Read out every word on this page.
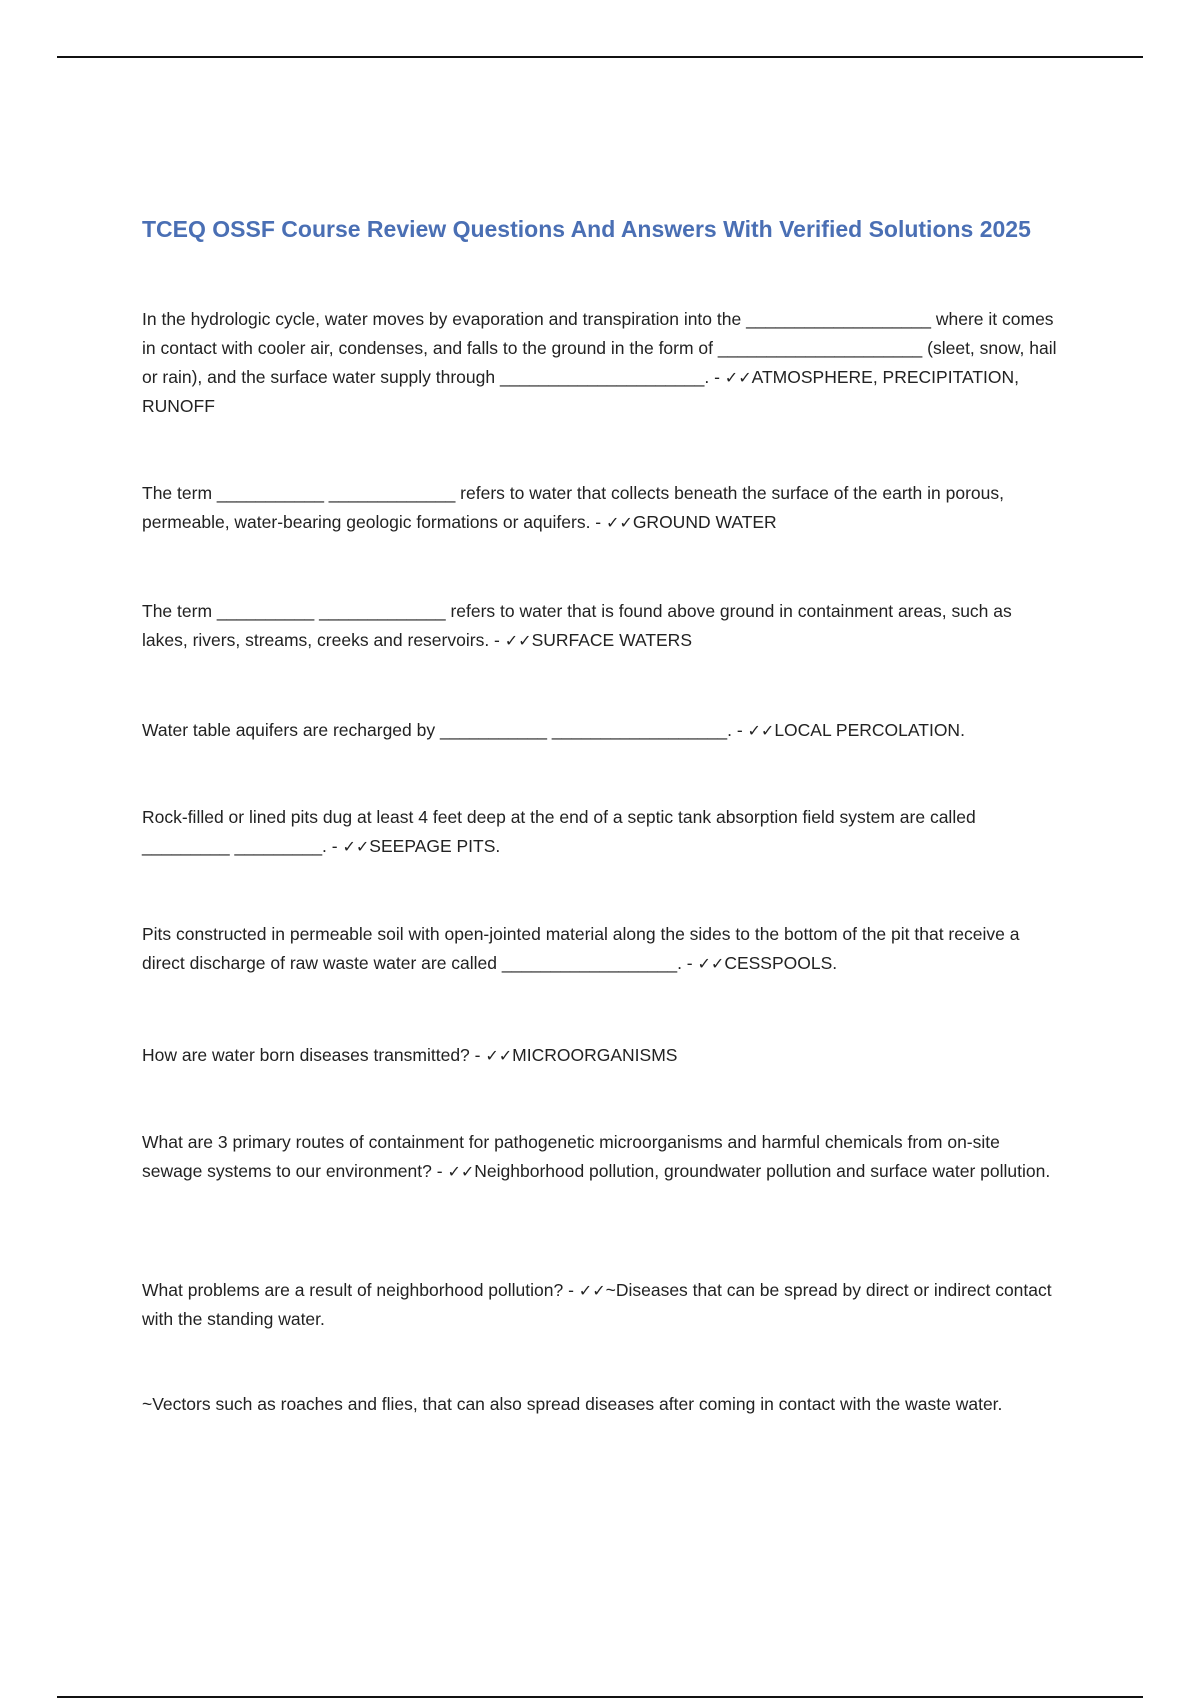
TCEQ OSSF Course Review Questions And Answers With Verified Solutions 2025

In the hydrologic cycle, water moves by evaporation and transpiration into the ___________________ where it comes in contact with cooler air, condenses, and falls to the ground in the form of _____________________ (sleet, snow, hail or rain), and the surface water supply through _____________________. - ✓✓ATMOSPHERE, PRECIPITATION, RUNOFF

The term ___________ _____________ refers to water that collects beneath the surface of the earth in porous, permeable, water-bearing geologic formations or aquifers. - ✓✓GROUND WATER

The term __________ _____________ refers to water that is found above ground in containment areas, such as lakes, rivers, streams, creeks and reservoirs. - ✓✓SURFACE WATERS

Water table aquifers are recharged by ___________ __________________. - ✓✓LOCAL PERCOLATION.

Rock-filled or lined pits dug at least 4 feet deep at the end of a septic tank absorption field system are called _________ _________. - ✓✓SEEPAGE PITS.

Pits constructed in permeable soil with open-jointed material along the sides to the bottom of the pit that receive a direct discharge of raw waste water are called __________________. - ✓✓CESSPOOLS.

How are water born diseases transmitted? - ✓✓MICROORGANISMS

What are 3 primary routes of containment for pathogenetic microorganisms and harmful chemicals from on-site sewage systems to our environment? - ✓✓Neighborhood pollution, groundwater pollution and surface water pollution.

What problems are a result of neighborhood pollution? - ✓✓~Diseases that can be spread by direct or indirect contact with the standing water.

~Vectors such as roaches and flies, that can also spread diseases after coming in contact with the waste water.
